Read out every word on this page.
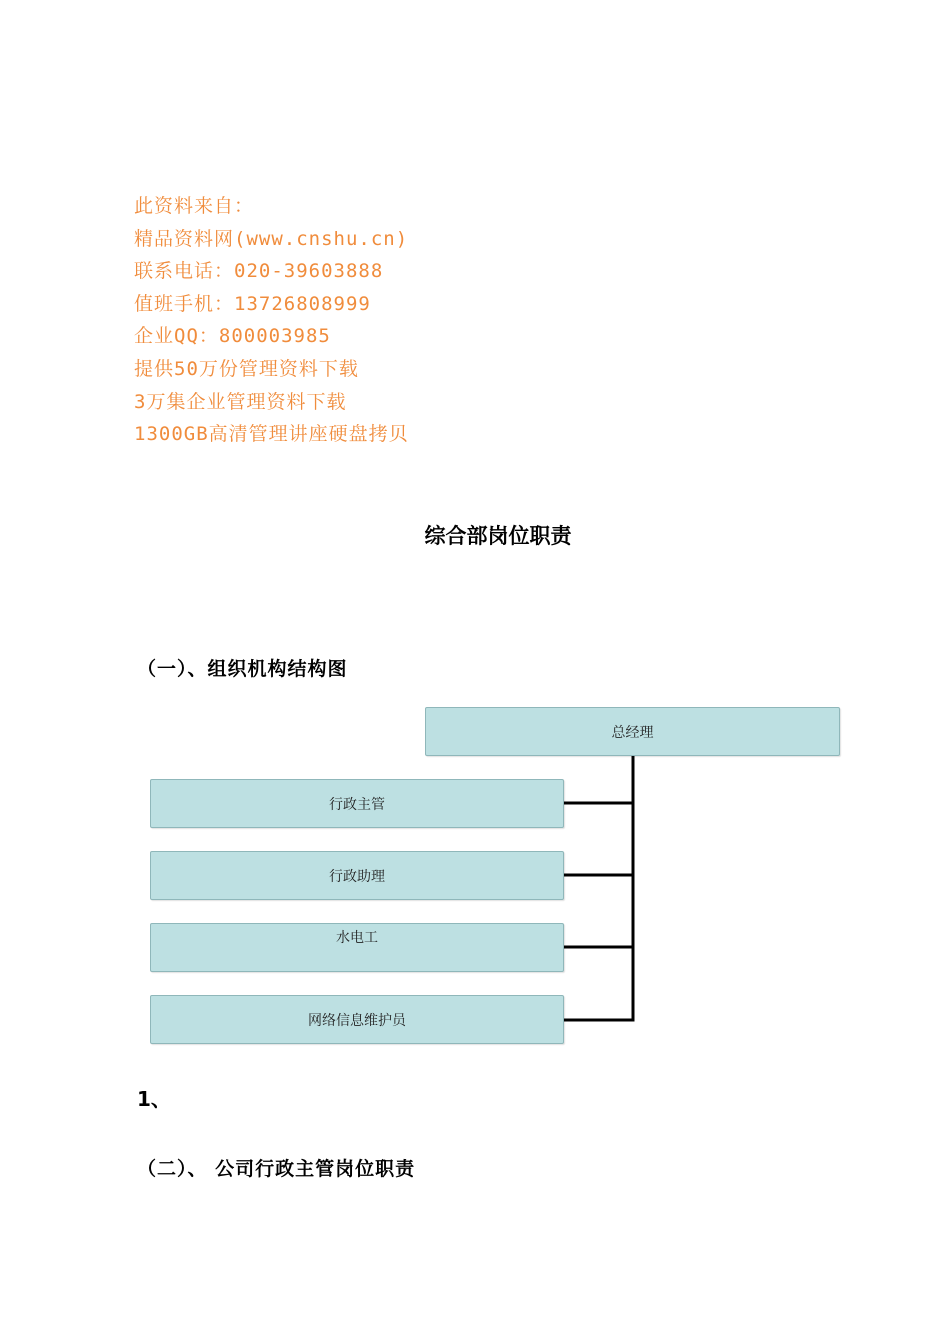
此资料来自：
精品资料网(www.cnshu.cn)
联系电话：020-39603888
值班手机：13726808999
企业QQ：800003985
提供50万份管理资料下载
3万集企业管理资料下载
1300GB高清管理讲座硬盘拷贝
综合部岗位职责
（一）、组织机构结构图
总经理
行政主管
行政助理
水电工
网络信息维护员
1、
（二）、 公司行政主管岗位职责
